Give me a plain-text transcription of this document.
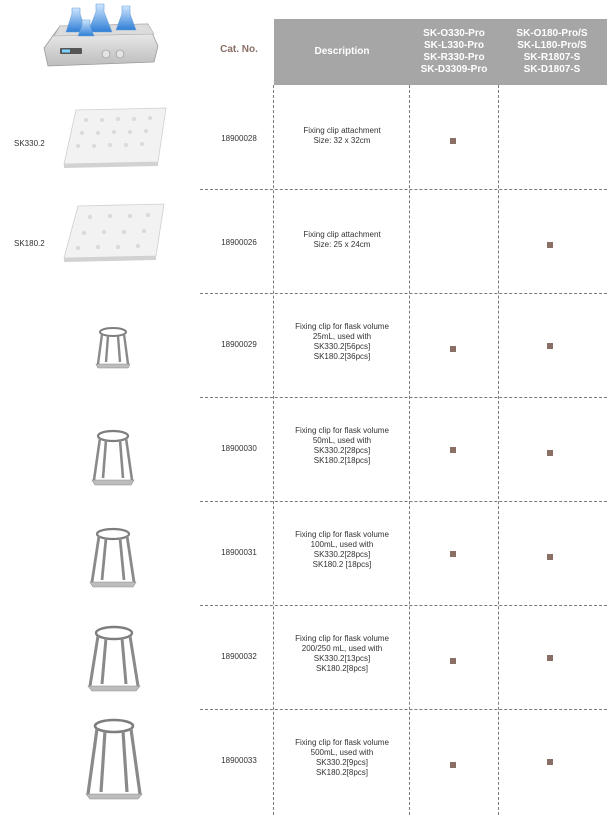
Cat. No.	Description
SK-O330-Pro
SK-L330-Pro
SK-R330-Pro
SK-D3309-Pro
SK-O180-Pro/S
SK-L180-Pro/S
SK-R1807-S
SK-D1807-S
SK330.2
18900028
Fixing clip attachment
Size: 32 x 32cm
SK180.2	18900026
Fixing clip attachment
Size: 25 x 24cm
18900029
Fixing clip for flask volume
25mL, used with
SK330.2[56pcs]
SK180.2[36pcs]
18900030
Fixing clip for flask volume
50mL, used with
SK330.2[28pcs]
SK180.2[18pcs]
18900031
Fixing clip for flask volume
100mL, used with
SK330.2[28pcs]
SK180.2 [18pcs]
18900032
Fixing clip for flask volume
200/250 mL, used with
SK330.2[13pcs]
SK180.2[8pcs]
18900033
Fixing clip for flask volume
500mL, used with
SK330.2[9pcs]
SK180.2[8pcs]
